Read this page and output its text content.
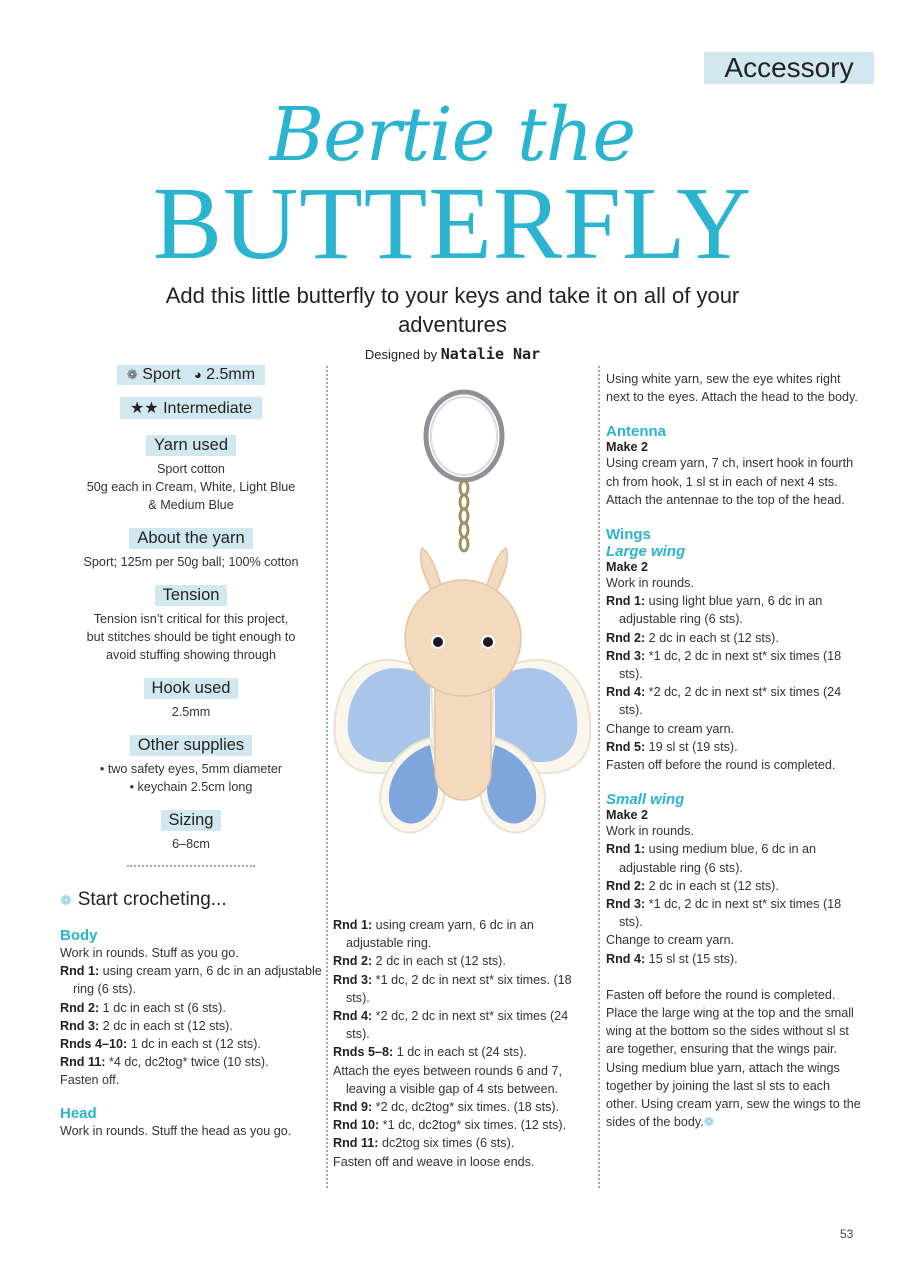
Accessory
Bertie the
BUTTERFLY
Add this little butterfly to your keys and take it on all of your adventures
Designed by Natalie Nar
❁ Sport ◕ 2.5mm
★★ Intermediate
Yarn used
Sport cotton
50g each in Cream, White, Light Blue
& Medium Blue
About the yarn
Sport; 125m per 50g ball; 100% cotton
Tension
Tension isn’t critical for this project,
but stitches should be tight enough to
avoid stuffing showing through
Hook used
2.5mm
Other supplies
• two safety eyes, 5mm diameter
• keychain 2.5cm long
Sizing
6–8cm
❁ Start crocheting...
Body
Work in rounds. Stuff as you go.
Rnd 1: using cream yarn, 6 dc in an adjustable ring (6 sts).
Rnd 2: 1 dc in each st (6 sts).
Rnd 3: 2 dc in each st (12 sts).
Rnds 4–10: 1 dc in each st (12 sts).
Rnd 11: *4 dc, dc2tog* twice (10 sts).
Fasten off.
Head
Work in rounds. Stuff the head as you go.
Rnd 1: using cream yarn, 6 dc in an adjustable ring.
Rnd 2: 2 dc in each st (12 sts).
Rnd 3: *1 dc, 2 dc in next st* six times. (18 sts).
Rnd 4: *2 dc, 2 dc in next st* six times (24 sts).
Rnds 5–8: 1 dc in each st (24 sts).
Attach the eyes between rounds 6 and 7, leaving a visible gap of 4 sts between.
Rnd 9: *2 dc, dc2tog* six times. (18 sts).
Rnd 10: *1 dc, dc2tog* six times. (12 sts).
Rnd 11: dc2tog six times (6 sts).
Fasten off and weave in loose ends.
Using white yarn, sew the eye whites right next to the eyes. Attach the head to the body.
Antenna
Make 2
Using cream yarn, 7 ch, insert hook in fourth ch from hook, 1 sl st in each of next 4 sts. Attach the antennae to the top of the head.
Wings
Large wing
Make 2
Work in rounds.
Rnd 1: using light blue yarn, 6 dc in an adjustable ring (6 sts).
Rnd 2: 2 dc in each st (12 sts).
Rnd 3: *1 dc, 2 dc in next st* six times (18 sts).
Rnd 4: *2 dc, 2 dc in next st* six times (24 sts).
Change to cream yarn.
Rnd 5: 19 sl st (19 sts).
Fasten off before the round is completed.
Small wing
Make 2
Work in rounds.
Rnd 1: using medium blue, 6 dc in an adjustable ring (6 sts).
Rnd 2: 2 dc in each st (12 sts).
Rnd 3: *1 dc, 2 dc in next st* six times (18 sts).
Change to cream yarn.
Rnd 4: 15 sl st (15 sts).
Fasten off before the round is completed. Place the large wing at the top and the small wing at the bottom so the sides without sl st are together, ensuring that the wings pair. Using medium blue yarn, attach the wings together by joining the last sl sts to each other. Using cream yarn, sew the wings to the sides of the body.❁
53
